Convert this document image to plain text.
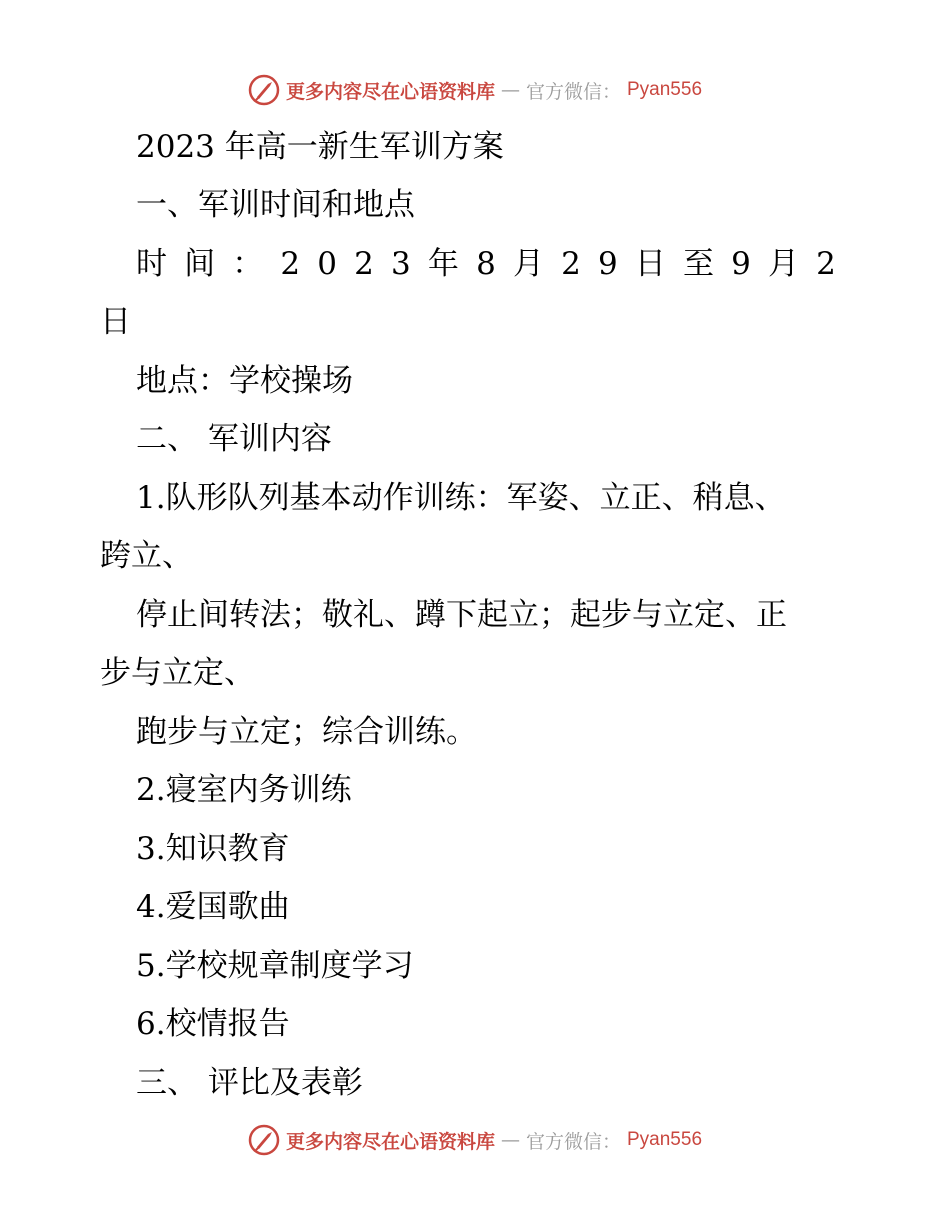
更多内容尽在心语资料库 — 官方微信： Pyan556
2023 年高一新生军训方案
一、军训时间和地点
时 间 ： 2 0 2 3 年 8 月 2 9 日 至 9 月 2
日
地点：学校操场
二、 军训内容
1.队形队列基本动作训练：军姿、立正、稍息、
跨立、
停止间转法；敬礼、蹲下起立；起步与立定、正
步与立定、
跑步与立定；综合训练。
2.寝室内务训练
3.知识教育
4.爱国歌曲
5.学校规章制度学习
6.校情报告
三、 评比及表彰
更多内容尽在心语资料库 — 官方微信： Pyan556
